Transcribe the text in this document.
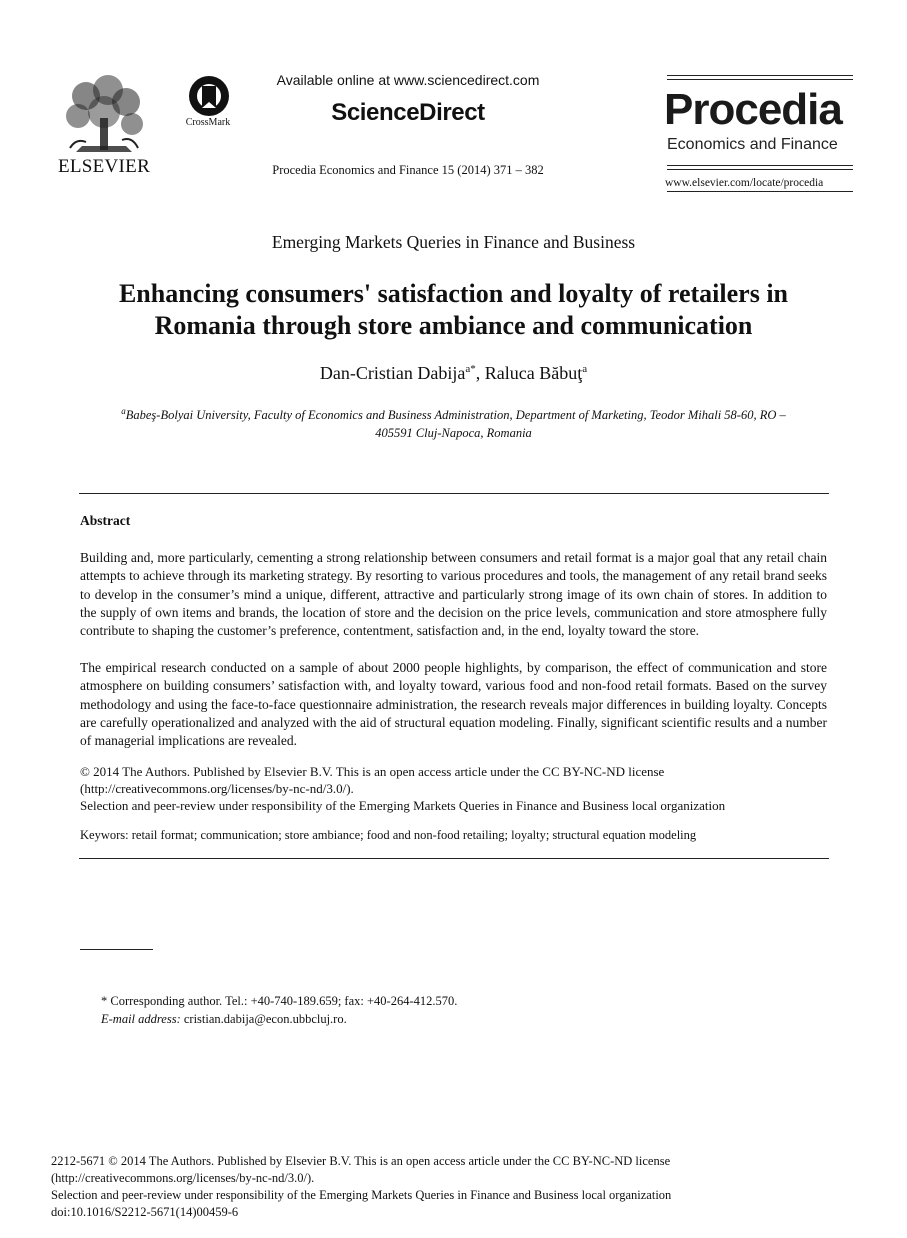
ELSEVIER
CrossMark
Available online at www.sciencedirect.com
ScienceDirect
Procedia Economics and Finance 15 (2014) 371 – 382
Procedia
Economics and Finance
www.elsevier.com/locate/procedia
Emerging Markets Queries in Finance and Business
Enhancing consumers' satisfaction and loyalty of retailers in
Romania through store ambiance and communication
Dan-Cristian Dabija$^{a*}$, Raluca Băbuţ$^a$
$^a$Babeş-Bolyai University, Faculty of Economics and Business Administration, Department of Marketing, Teodor Mihali 58-60, RO –
405591 Cluj-Napoca, Romania
Abstract
Building and, more particularly, cementing a strong relationship between consumers and retail format is a major goal that any retail chain attempts to achieve through its marketing strategy. By resorting to various procedures and tools, the management of any retail brand seeks to develop in the consumer’s mind a unique, different, attractive and particularly strong image of its own chain of stores. In addition to the supply of own items and brands, the location of store and the decision on the price levels, communication and store atmosphere fully contribute to shaping the customer’s preference, contentment, satisfaction and, in the end, loyalty toward the store.
The empirical research conducted on a sample of about 2000 people highlights, by comparison, the effect of communication and store atmosphere on building consumers’ satisfaction with, and loyalty toward, various food and non-food retail formats. Based on the survey methodology and using the face-to-face questionnaire administration, the research reveals major differences in building loyalty. Concepts are carefully operationalized and analyzed with the aid of structural equation modeling. Finally, significant scientific results and a number of managerial implications are revealed.
© 2014 The Authors. Published by Elsevier B.V. This is an open access article under the CC BY-NC-ND license
(http://creativecommons.org/licenses/by-nc-nd/3.0/).
Selection and peer-review under responsibility of the Emerging Markets Queries in Finance and Business local organization
Keywors: retail format; communication; store ambiance; food and non-food retailing; loyalty; structural equation modeling
* Corresponding author. Tel.: +40-740-189.659; fax: +40-264-412.570.
E-mail address: cristian.dabija@econ.ubbcluj.ro.
2212-5671 © 2014 The Authors. Published by Elsevier B.V. This is an open access article under the CC BY-NC-ND license
(http://creativecommons.org/licenses/by-nc-nd/3.0/).
Selection and peer-review under responsibility of the Emerging Markets Queries in Finance and Business local organization
doi:10.1016/S2212-5671(14)00459-6
